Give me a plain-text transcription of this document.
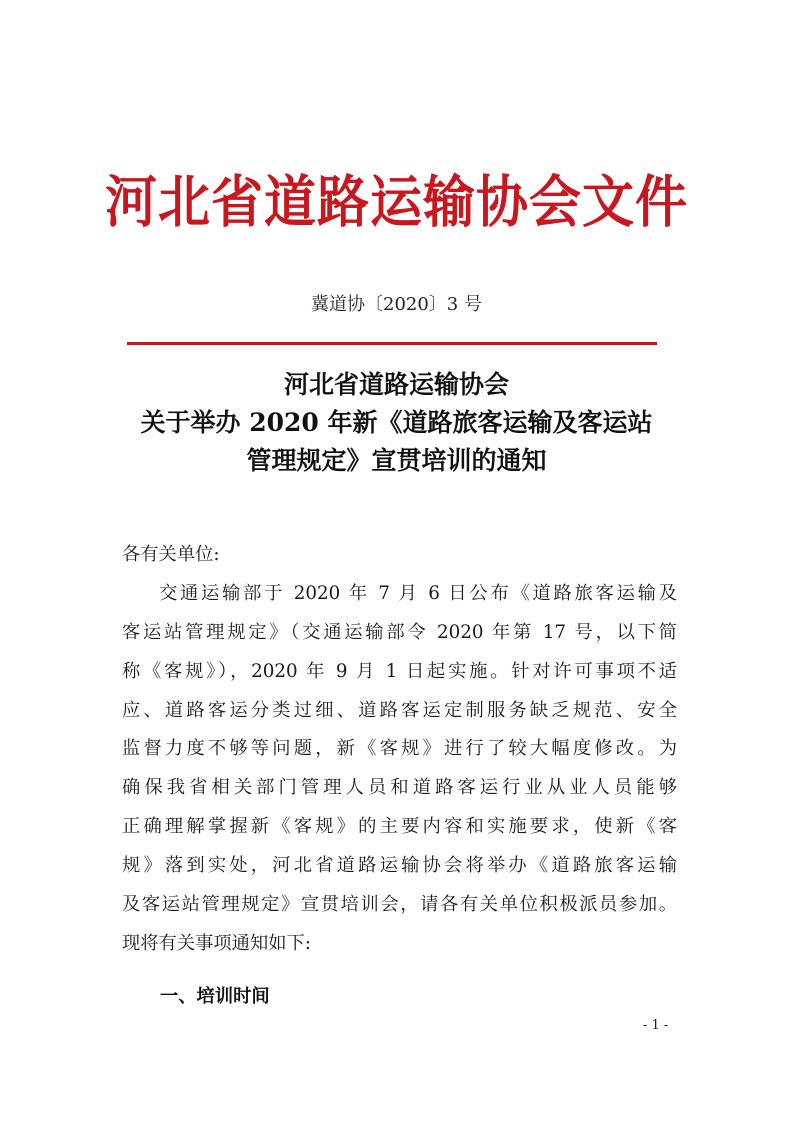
河北省道路运输协会文件
冀道协〔2020〕3 号
河北省道路运输协会
关于举办 2020 年新《道路旅客运输及客运站
管理规定》宣贯培训的通知
各有关单位:
交通运输部于 2020 年 7 月 6 日公布《道路旅客运输及
客运站管理规定》（交通运输部令 2020 年第 17 号，以下简
称《客规》），2020 年 9 月 1 日起实施。针对许可事项不适
应、道路客运分类过细、道路客运定制服务缺乏规范、安全
监督力度不够等问题，新《客规》进行了较大幅度修改。为
确保我省相关部门管理人员和道路客运行业从业人员能够
正确理解掌握新《客规》的主要内容和实施要求，使新《客
规》落到实处，河北省道路运输协会将举办《道路旅客运输
及客运站管理规定》宣贯培训会，请各有关单位积极派员参加。
现将有关事项通知如下:
一、培训时间
- 1 -
